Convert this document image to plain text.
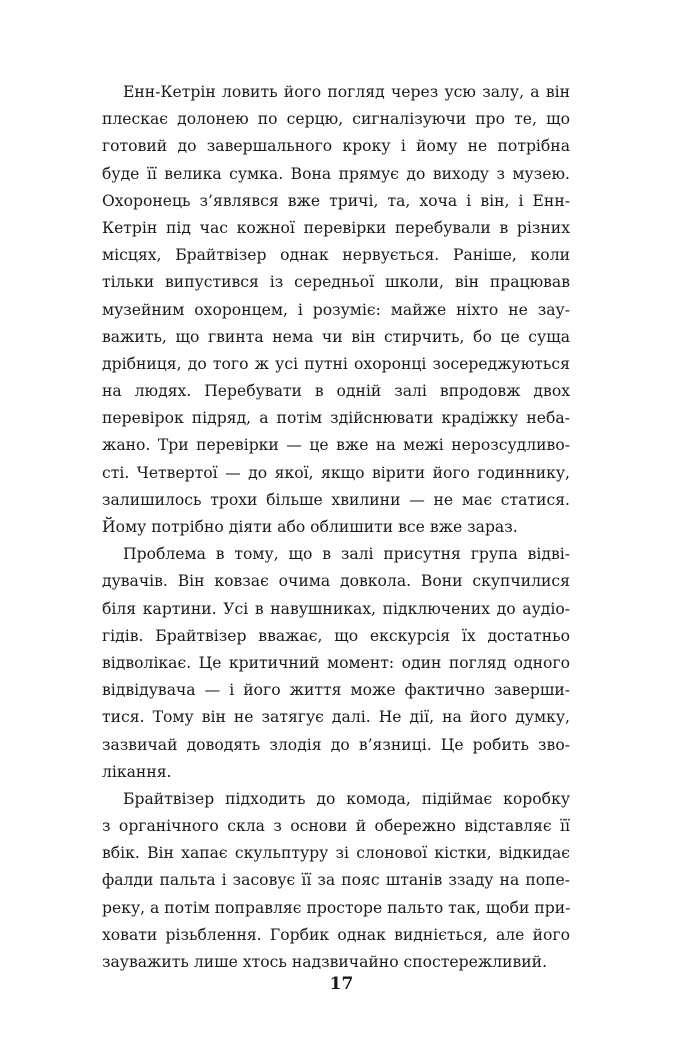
Енн-Кетрін ловить його погляд через усю залу, а він
плескає долонею по серцю, сигналізуючи про те, що
готовий до завершального кроку і йому не потрібна
буде її велика сумка. Вона прямує до виходу з музею.
Охоронець з’являвся вже тричі, та, хоча і він, і Енн-
Кетрін під час кожної перевірки перебували в різних
місцях, Брайтвізер однак нервується. Раніше, коли
тільки випустився із середньої школи, він працював
музейним охоронцем, і розуміє: майже ніхто не зау-
важить, що гвинта нема чи він стирчить, бо це суща
дрібниця, до того ж усі путні охоронці зосереджуються
на людях. Перебувати в одній залі впродовж двох
перевірок підряд, а потім здійснювати крадіжку неба-
жано. Три перевірки — це вже на межі нерозсудливо-
сті. Четвертої — до якої, якщо вірити його годиннику,
залишилось трохи більше хвилини — не має статися.
Йому потрібно діяти або облишити все вже зараз.
Проблема в тому, що в залі присутня група відві-
дувачів. Він ковзає очима довкола. Вони скупчилися
біля картини. Усі в навушниках, підключених до аудіо-
гідів. Брайтвізер вважає, що екскурсія їх достатньо
відволікає. Це критичний момент: один погляд одного
відвідувача — і його життя може фактично заверши-
тися. Тому він не затягує далі. Не дії, на його думку,
зазвичай доводять злодія до в’язниці. Це робить зво-
лікання.
Брайтвізер підходить до комода, підіймає коробку
з органічного скла з основи й обережно відставляє її
вбік. Він хапає скульптуру зі слонової кістки, відкидає
фалди пальта і засовує її за пояс штанів ззаду на попе-
реку, а потім поправляє просторе пальто так, щоби при-
ховати різьблення. Горбик однак видніється, але його
зауважить лише хтось надзвичайно спостережливий.
17
